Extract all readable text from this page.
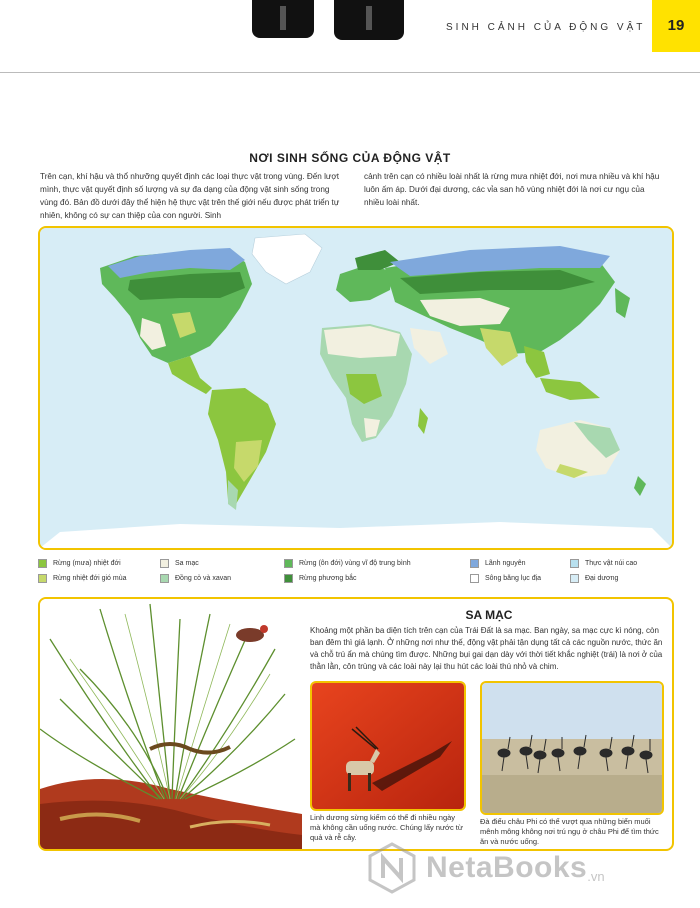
SINH CẢNH CỦA ĐỘNG VẬT	19
NƠI SINH SỐNG CỦA ĐỘNG VẬT

Trên cạn, khí hậu và thổ nhưỡng quyết định các loại thực vật trong vùng. Đến lượt mình, thực vật quyết định số lượng và sự đa dạng của động vật sinh sống trong vùng đó. Bản đồ dưới đây thể hiện hệ thực vật trên thế giới nếu được phát triển tự nhiên, không có sự can thiệp của con người. Sinh

cảnh trên cạn có nhiều loài nhất là rừng mưa nhiệt đới, nơi mưa nhiều và khí hậu luôn ấm áp. Dưới đại dương, các vỉa san hô vùng nhiệt đới là nơi cư ngụ của nhiều loài nhất.

Rừng (mưa) nhiệt đới
Rừng nhiệt đới gió mùa
Sa mạc
Đồng cỏ và xavan
Rừng (ôn đới) vùng vĩ độ trung bình
Rừng phương bắc
Lãnh nguyên
Sông băng lục địa
Thực vật núi cao
Đại dương
SA MẠC

Khoảng một phần ba diện tích trên cạn của Trái Đất là sa mạc. Ban ngày, sa mạc cực kì nóng, còn ban đêm thì giá lạnh. Ở những nơi như thế, động vật phải tận dụng tất cả các nguồn nước, thức ăn và chỗ trú ẩn mà chúng tìm được. Những bụi gai dạn dày với thời tiết khắc nghiệt (trái) là nơi ở của thằn lằn, côn trùng và các loài này lại thu hút các loài thú nhỏ và chim.

Linh dương sừng kiếm có thể đi nhiều ngày mà không cần uống nước. Chúng lấy nước từ quả và rễ cây.
Đà điểu châu Phi có thể vượt qua những biển muối mênh mông không nơi trú ngụ ở châu Phi để tìm thức ăn và nước uống.
NetaBooks .vn
